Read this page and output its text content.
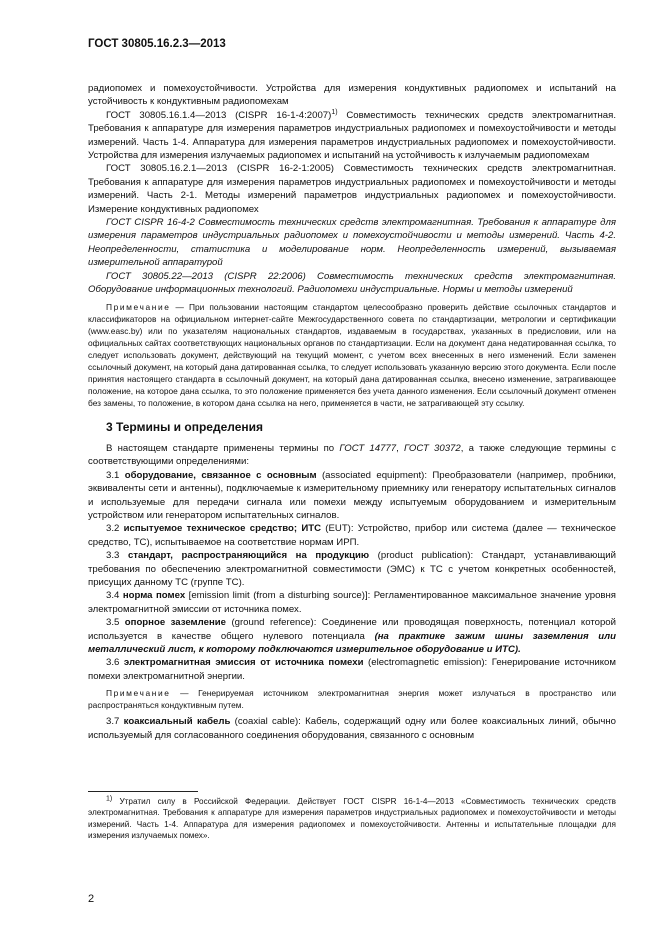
ГОСТ 30805.16.2.3—2013

радиопомех и помехоустойчивости. Устройства для измерения кондуктивных радиопомех и испытаний на устойчивость к кондуктивным радиопомехам

ГОСТ 30805.16.1.4—2013 (CISPR 16-1-4:2007)$^{1)}$ Совместимость технических средств электромагнитная. Требования к аппаратуре для измерения параметров индустриальных радиопомех и помехоустойчивости и методы измерений. Часть 1-4. Аппаратура для измерения параметров индустриальных радиопомех и помехоустойчивости. Устройства для измерения излучаемых радиопомех и испытаний на устойчивость к излучаемым радиопомехам

ГОСТ 30805.16.2.1—2013 (CISPR 16-2-1:2005) Совместимость технических средств электромагнитная. Требования к аппаратуре для измерения параметров индустриальных радиопомех и помехоустойчивости и методы измерений. Часть 2-1. Методы измерений параметров индустриальных радиопомех и помехоустойчивости. Измерение кондуктивных радиопомех

ГОСТ CISPR 16-4-2 Совместимость технических средств электромагнитная. Требования к аппаратуре для измерения параметров индустриальных радиопомех и помехоустойчивости и методы измерений. Часть 4-2. Неопределенности, статистика и моделирование норм. Неопределенность измерений, вызываемая измерительной аппаратурой

ГОСТ 30805.22—2013 (CISPR 22:2006) Совместимость технических средств электромагнитная. Оборудование информационных технологий. Радиопомехи индустриальные. Нормы и методы измерений

Примечание — При пользовании настоящим стандартом целесообразно проверить действие ссылочных стандартов и классификаторов на официальном интернет-сайте Межгосударственного совета по стандартизации, метрологии и сертификации (www.easc.by) или по указателям национальных стандартов, издаваемым в государствах, указанных в предисловии, или на официальных сайтах соответствующих национальных органов по стандартизации. Если на документ дана недатированная ссылка, то следует использовать документ, действующий на текущий момент, с учетом всех внесенных в него изменений. Если заменен ссылочный документ, на который дана датированная ссылка, то следует использовать указанную версию этого документа. Если после принятия настоящего стандарта в ссылочный документ, на который дана датированная ссылка, внесено изменение, затрагивающее положение, на которое дана ссылка, то это положение применяется без учета данного изменения. Если ссылочный документ отменен без замены, то положение, в котором дана ссылка на него, применяется в части, не затрагивающей эту ссылку.

3 Термины и определения

В настоящем стандарте применены термины по ГОСТ 14777, ГОСТ 30372, а также следующие термины с соответствующими определениями:

3.1 оборудование, связанное с основным (associated equipment): Преобразователи (например, пробники, эквиваленты сети и антенны), подключаемые к измерительному приемнику или генератору испытательных сигналов и используемые для передачи сигнала или помехи между испытуемым оборудованием и измерительным устройством или генератором испытательных сигналов.

3.2 испытуемое техническое средство; ИТС (EUT): Устройство, прибор или система (далее — техническое средство, ТС), испытываемое на соответствие нормам ИРП.

3.3 стандарт, распространяющийся на продукцию (product publication): Стандарт, устанавливающий требования по обеспечению электромагнитной совместимости (ЭМС) к ТС с учетом конкретных особенностей, присущих данному ТС (группе ТС).

3.4 норма помех [emission limit (from a disturbing source)]: Регламентированное максимальное значение уровня электромагнитной эмиссии от источника помех.

3.5 опорное заземление (ground reference): Соединение или проводящая поверхность, потенциал которой используется в качестве общего нулевого потенциала (на практике зажим шины заземления или металлический лист, к которому подключаются измерительное оборудование и ИТС).

3.6 электромагнитная эмиссия от источника помехи (electromagnetic emission): Генерирование источником помехи электромагнитной энергии.

Примечание — Генерируемая источником электромагнитная энергия может излучаться в пространство или распространяться кондуктивным путем.

3.7 коаксиальный кабель (coaxial cable): Кабель, содержащий одну или более коаксиальных линий, обычно используемый для согласованного соединения оборудования, связанного с основным

$^{1)}$ Утратил силу в Российской Федерации. Действует ГОСТ CISPR 16-1-4—2013 «Совместимость технических средств электромагнитная. Требования к аппаратуре для измерения параметров индустриальных радиопомех и помехоустойчивости и методы измерений. Часть 1-4. Аппаратура для измерения радиопомех и помехоустойчивости. Антенны и испытательные площадки для измерения излучаемых помех».
2
